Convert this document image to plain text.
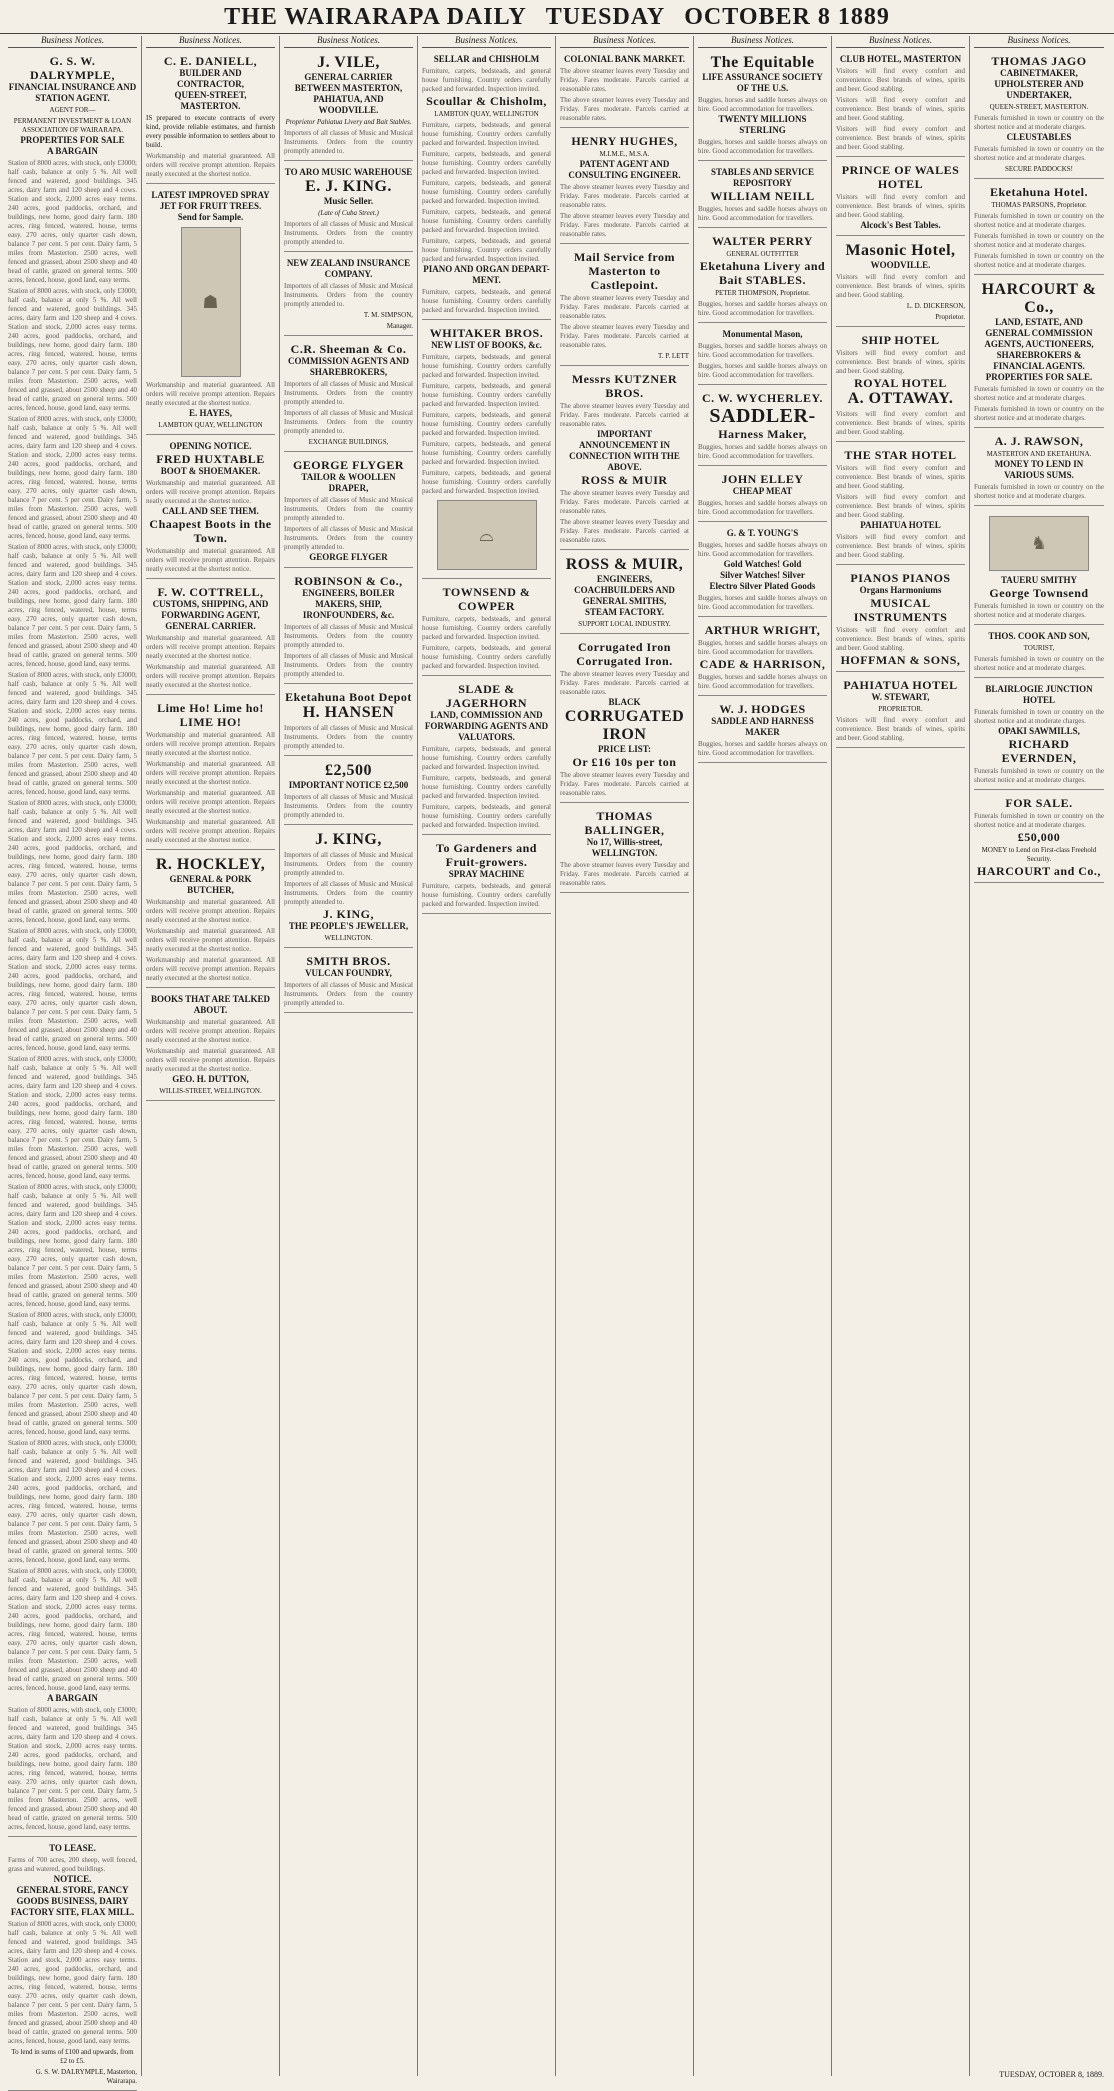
THE WAIRARAPA DAILY TUESDAY OCTOBER 8 1889
Business Notices.
G. S. W. DALRYMPLE,
FINANCIAL INSURANCE AND STATION AGENT.

AGENT FOR—

PERMANENT INVESTMENT & LOAN ASSOCIATION OF WAIRARAPA.

PROPERTIES FOR SALE
A BARGAIN

Station of 8000 acres, with stock, only £3000; half cash, balance at only 5 %. All well fenced and watered, good buildings. 345 acres, dairy farm and 120 sheep and 4 cows. Station and stock, 2,000 acres easy terms. 240 acres, good paddocks, orchard, and buildings, new home, good dairy farm. 180 acres, ring fenced, watered, house, terms easy. 270 acres, only quarter cash down, balance 7 per cent. 5 per cent. Dairy farm, 5 miles from Masterton. 2500 acres, well fenced and grassed, about 2500 sheep and 40 head of cattle, grazed on general terms. 500 acres, fenced, house, good land, easy terms.

Station of 8000 acres, with stock, only £3000; half cash, balance at only 5 %. All well fenced and watered, good buildings. 345 acres, dairy farm and 120 sheep and 4 cows. Station and stock, 2,000 acres easy terms. 240 acres, good paddocks, orchard, and buildings, new home, good dairy farm. 180 acres, ring fenced, watered, house, terms easy. 270 acres, only quarter cash down, balance 7 per cent. 5 per cent. Dairy farm, 5 miles from Masterton. 2500 acres, well fenced and grassed, about 2500 sheep and 40 head of cattle, grazed on general terms. 500 acres, fenced, house, good land, easy terms.

Station of 8000 acres, with stock, only £3000; half cash, balance at only 5 %. All well fenced and watered, good buildings. 345 acres, dairy farm and 120 sheep and 4 cows. Station and stock, 2,000 acres easy terms. 240 acres, good paddocks, orchard, and buildings, new home, good dairy farm. 180 acres, ring fenced, watered, house, terms easy. 270 acres, only quarter cash down, balance 7 per cent. 5 per cent. Dairy farm, 5 miles from Masterton. 2500 acres, well fenced and grassed, about 2500 sheep and 40 head of cattle, grazed on general terms. 500 acres, fenced, house, good land, easy terms.

Station of 8000 acres, with stock, only £3000; half cash, balance at only 5 %. All well fenced and watered, good buildings. 345 acres, dairy farm and 120 sheep and 4 cows. Station and stock, 2,000 acres easy terms. 240 acres, good paddocks, orchard, and buildings, new home, good dairy farm. 180 acres, ring fenced, watered, house, terms easy. 270 acres, only quarter cash down, balance 7 per cent. 5 per cent. Dairy farm, 5 miles from Masterton. 2500 acres, well fenced and grassed, about 2500 sheep and 40 head of cattle, grazed on general terms. 500 acres, fenced, house, good land, easy terms.

Station of 8000 acres, with stock, only £3000; half cash, balance at only 5 %. All well fenced and watered, good buildings. 345 acres, dairy farm and 120 sheep and 4 cows. Station and stock, 2,000 acres easy terms. 240 acres, good paddocks, orchard, and buildings, new home, good dairy farm. 180 acres, ring fenced, watered, house, terms easy. 270 acres, only quarter cash down, balance 7 per cent. 5 per cent. Dairy farm, 5 miles from Masterton. 2500 acres, well fenced and grassed, about 2500 sheep and 40 head of cattle, grazed on general terms. 500 acres, fenced, house, good land, easy terms.

Station of 8000 acres, with stock, only £3000; half cash, balance at only 5 %. All well fenced and watered, good buildings. 345 acres, dairy farm and 120 sheep and 4 cows. Station and stock, 2,000 acres easy terms. 240 acres, good paddocks, orchard, and buildings, new home, good dairy farm. 180 acres, ring fenced, watered, house, terms easy. 270 acres, only quarter cash down, balance 7 per cent. 5 per cent. Dairy farm, 5 miles from Masterton. 2500 acres, well fenced and grassed, about 2500 sheep and 40 head of cattle, grazed on general terms. 500 acres, fenced, house, good land, easy terms.

Station of 8000 acres, with stock, only £3000; half cash, balance at only 5 %. All well fenced and watered, good buildings. 345 acres, dairy farm and 120 sheep and 4 cows. Station and stock, 2,000 acres easy terms. 240 acres, good paddocks, orchard, and buildings, new home, good dairy farm. 180 acres, ring fenced, watered, house, terms easy. 270 acres, only quarter cash down, balance 7 per cent. 5 per cent. Dairy farm, 5 miles from Masterton. 2500 acres, well fenced and grassed, about 2500 sheep and 40 head of cattle, grazed on general terms. 500 acres, fenced, house, good land, easy terms.

Station of 8000 acres, with stock, only £3000; half cash, balance at only 5 %. All well fenced and watered, good buildings. 345 acres, dairy farm and 120 sheep and 4 cows. Station and stock, 2,000 acres easy terms. 240 acres, good paddocks, orchard, and buildings, new home, good dairy farm. 180 acres, ring fenced, watered, house, terms easy. 270 acres, only quarter cash down, balance 7 per cent. 5 per cent. Dairy farm, 5 miles from Masterton. 2500 acres, well fenced and grassed, about 2500 sheep and 40 head of cattle, grazed on general terms. 500 acres, fenced, house, good land, easy terms.

Station of 8000 acres, with stock, only £3000; half cash, balance at only 5 %. All well fenced and watered, good buildings. 345 acres, dairy farm and 120 sheep and 4 cows. Station and stock, 2,000 acres easy terms. 240 acres, good paddocks, orchard, and buildings, new home, good dairy farm. 180 acres, ring fenced, watered, house, terms easy. 270 acres, only quarter cash down, balance 7 per cent. 5 per cent. Dairy farm, 5 miles from Masterton. 2500 acres, well fenced and grassed, about 2500 sheep and 40 head of cattle, grazed on general terms. 500 acres, fenced, house, good land, easy terms.

Station of 8000 acres, with stock, only £3000; half cash, balance at only 5 %. All well fenced and watered, good buildings. 345 acres, dairy farm and 120 sheep and 4 cows. Station and stock, 2,000 acres easy terms. 240 acres, good paddocks, orchard, and buildings, new home, good dairy farm. 180 acres, ring fenced, watered, house, terms easy. 270 acres, only quarter cash down, balance 7 per cent. 5 per cent. Dairy farm, 5 miles from Masterton. 2500 acres, well fenced and grassed, about 2500 sheep and 40 head of cattle, grazed on general terms. 500 acres, fenced, house, good land, easy terms.

Station of 8000 acres, with stock, only £3000; half cash, balance at only 5 %. All well fenced and watered, good buildings. 345 acres, dairy farm and 120 sheep and 4 cows. Station and stock, 2,000 acres easy terms. 240 acres, good paddocks, orchard, and buildings, new home, good dairy farm. 180 acres, ring fenced, watered, house, terms easy. 270 acres, only quarter cash down, balance 7 per cent. 5 per cent. Dairy farm, 5 miles from Masterton. 2500 acres, well fenced and grassed, about 2500 sheep and 40 head of cattle, grazed on general terms. 500 acres, fenced, house, good land, easy terms.

Station of 8000 acres, with stock, only £3000; half cash, balance at only 5 %. All well fenced and watered, good buildings. 345 acres, dairy farm and 120 sheep and 4 cows. Station and stock, 2,000 acres easy terms. 240 acres, good paddocks, orchard, and buildings, new home, good dairy farm. 180 acres, ring fenced, watered, house, terms easy. 270 acres, only quarter cash down, balance 7 per cent. 5 per cent. Dairy farm, 5 miles from Masterton. 2500 acres, well fenced and grassed, about 2500 sheep and 40 head of cattle, grazed on general terms. 500 acres, fenced, house, good land, easy terms.

A BARGAIN

Station of 8000 acres, with stock, only £3000; half cash, balance at only 5 %. All well fenced and watered, good buildings. 345 acres, dairy farm and 120 sheep and 4 cows. Station and stock, 2,000 acres easy terms. 240 acres, good paddocks, orchard, and buildings, new home, good dairy farm. 180 acres, ring fenced, watered, house, terms easy. 270 acres, only quarter cash down, balance 7 per cent. 5 per cent. Dairy farm, 5 miles from Masterton. 2500 acres, well fenced and grassed, about 2500 sheep and 40 head of cattle, grazed on general terms. 500 acres, fenced, house, good land, easy terms.

TO LEASE.

Farms of 700 acres, 200 sheep, well fenced, grass and watered, good buildings.

NOTICE.
GENERAL STORE, FANCY GOODS BUSINESS, DAIRY FACTORY SITE, FLAX MILL.

Station of 8000 acres, with stock, only £3000; half cash, balance at only 5 %. All well fenced and watered, good buildings. 345 acres, dairy farm and 120 sheep and 4 cows. Station and stock, 2,000 acres easy terms. 240 acres, good paddocks, orchard, and buildings, new home, good dairy farm. 180 acres, ring fenced, watered, house, terms easy. 270 acres, only quarter cash down, balance 7 per cent. 5 per cent. Dairy farm, 5 miles from Masterton. 2500 acres, well fenced and grassed, about 2500 sheep and 40 head of cattle, grazed on general terms. 500 acres, fenced, house, good land, easy terms.

To lend in sums of £100 and upwards, from £2 to £5.

G. S. W. DALRYMPLE, Masterton, Wairarapa.

Business Notices.
C. E. DANIELL,
BUILDER AND CONTRACTOR,
QUEEN-STREET, MASTERTON.

IS prepared to execute contracts of every kind, provide reliable estimates, and furnish every possible information to settlers about to build.

Workmanship and material guaranteed. All orders will receive prompt attention. Repairs neatly executed at the shortest notice.

LATEST IMPROVED SPRAY JET FOR FRUIT TREES.
Send for Sample.
☗

Workmanship and material guaranteed. All orders will receive prompt attention. Repairs neatly executed at the shortest notice.

E. HAYES,

LAMBTON QUAY, WELLINGTON

OPENING NOTICE.
FRED HUXTABLE
BOOT & SHOEMAKER.

Workmanship and material guaranteed. All orders will receive prompt attention. Repairs neatly executed at the shortest notice.

CALL AND SEE THEM.
Chaapest Boots in the Town.

Workmanship and material guaranteed. All orders will receive prompt attention. Repairs neatly executed at the shortest notice.

F. W. COTTRELL,
CUSTOMS, SHIPPING, AND FORWARDING AGENT,
GENERAL CARRIER.

Workmanship and material guaranteed. All orders will receive prompt attention. Repairs neatly executed at the shortest notice.

Workmanship and material guaranteed. All orders will receive prompt attention. Repairs neatly executed at the shortest notice.

Lime Ho! Lime ho! LIME HO!

Workmanship and material guaranteed. All orders will receive prompt attention. Repairs neatly executed at the shortest notice.

Workmanship and material guaranteed. All orders will receive prompt attention. Repairs neatly executed at the shortest notice.

Workmanship and material guaranteed. All orders will receive prompt attention. Repairs neatly executed at the shortest notice.

Workmanship and material guaranteed. All orders will receive prompt attention. Repairs neatly executed at the shortest notice.

R. HOCKLEY,
GENERAL & PORK BUTCHER,

Workmanship and material guaranteed. All orders will receive prompt attention. Repairs neatly executed at the shortest notice.

Workmanship and material guaranteed. All orders will receive prompt attention. Repairs neatly executed at the shortest notice.

Workmanship and material guaranteed. All orders will receive prompt attention. Repairs neatly executed at the shortest notice.

BOOKS THAT ARE TALKED ABOUT.

Workmanship and material guaranteed. All orders will receive prompt attention. Repairs neatly executed at the shortest notice.

Workmanship and material guaranteed. All orders will receive prompt attention. Repairs neatly executed at the shortest notice.

GEO. H. DUTTON,

WILLIS-STREET, WELLINGTON.

Business Notices.
J. VILE,
GENERAL CARRIER BETWEEN MASTERTON, PAHIATUA, AND WOODVILLE.

Proprietor Pahiatua Livery and Bait Stables.

Importers of all classes of Music and Musical Instruments. Orders from the country promptly attended to.

TO ARO MUSIC WAREHOUSE
E. J. KING.
Music Seller.

(Late of Cuba Street.)

Importers of all classes of Music and Musical Instruments. Orders from the country promptly attended to.

NEW ZEALAND INSURANCE COMPANY.

Importers of all classes of Music and Musical Instruments. Orders from the country promptly attended to.

T. M. SIMPSON,

Manager.

C.R. Sheeman & Co.
COMMISSION AGENTS AND SHAREBROKERS,

Importers of all classes of Music and Musical Instruments. Orders from the country promptly attended to.

Importers of all classes of Music and Musical Instruments. Orders from the country promptly attended to.

EXCHANGE BUILDINGS,

GEORGE FLYGER
TAILOR & WOOLLEN DRAPER,

Importers of all classes of Music and Musical Instruments. Orders from the country promptly attended to.

Importers of all classes of Music and Musical Instruments. Orders from the country promptly attended to.

GEORGE FLYGER
ROBINSON & Co.,
ENGINEERS, BOILER MAKERS, SHIP, IRONFOUNDERS, &c.

Importers of all classes of Music and Musical Instruments. Orders from the country promptly attended to.

Importers of all classes of Music and Musical Instruments. Orders from the country promptly attended to.

Eketahuna Boot Depot
H. HANSEN

Importers of all classes of Music and Musical Instruments. Orders from the country promptly attended to.

£2,500
IMPORTANT NOTICE £2,500

Importers of all classes of Music and Musical Instruments. Orders from the country promptly attended to.

J. KING,

Importers of all classes of Music and Musical Instruments. Orders from the country promptly attended to.

Importers of all classes of Music and Musical Instruments. Orders from the country promptly attended to.

J. KING,
THE PEOPLE'S JEWELLER,

WELLINGTON.

SMITH BROS.
VULCAN FOUNDRY,

Importers of all classes of Music and Musical Instruments. Orders from the country promptly attended to.

Business Notices.
SELLAR and CHISHOLM

Furniture, carpets, bedsteads, and general house furnishing. Country orders carefully packed and forwarded. Inspection invited.

Scoullar & Chisholm,

LAMBTON QUAY, WELLINGTON

Furniture, carpets, bedsteads, and general house furnishing. Country orders carefully packed and forwarded. Inspection invited.

Furniture, carpets, bedsteads, and general house furnishing. Country orders carefully packed and forwarded. Inspection invited.

Furniture, carpets, bedsteads, and general house furnishing. Country orders carefully packed and forwarded. Inspection invited.

Furniture, carpets, bedsteads, and general house furnishing. Country orders carefully packed and forwarded. Inspection invited.

Furniture, carpets, bedsteads, and general house furnishing. Country orders carefully packed and forwarded. Inspection invited.

PIANO AND ORGAN DEPART-MENT.

Furniture, carpets, bedsteads, and general house furnishing. Country orders carefully packed and forwarded. Inspection invited.

WHITAKER BROS.
NEW LIST OF BOOKS, &c.

Furniture, carpets, bedsteads, and general house furnishing. Country orders carefully packed and forwarded. Inspection invited.

Furniture, carpets, bedsteads, and general house furnishing. Country orders carefully packed and forwarded. Inspection invited.

Furniture, carpets, bedsteads, and general house furnishing. Country orders carefully packed and forwarded. Inspection invited.

Furniture, carpets, bedsteads, and general house furnishing. Country orders carefully packed and forwarded. Inspection invited.

Furniture, carpets, bedsteads, and general house furnishing. Country orders carefully packed and forwarded. Inspection invited.

⌓
TOWNSEND & COWPER

Furniture, carpets, bedsteads, and general house furnishing. Country orders carefully packed and forwarded. Inspection invited.

Furniture, carpets, bedsteads, and general house furnishing. Country orders carefully packed and forwarded. Inspection invited.

SLADE & JAGERHORN
LAND, COMMISSION AND FORWARDING AGENTS AND VALUATORS.

Furniture, carpets, bedsteads, and general house furnishing. Country orders carefully packed and forwarded. Inspection invited.

Furniture, carpets, bedsteads, and general house furnishing. Country orders carefully packed and forwarded. Inspection invited.

Furniture, carpets, bedsteads, and general house furnishing. Country orders carefully packed and forwarded. Inspection invited.

To Gardeners and Fruit-growers.
SPRAY MACHINE

Furniture, carpets, bedsteads, and general house furnishing. Country orders carefully packed and forwarded. Inspection invited.

Business Notices.
COLONIAL BANK MARKET.

The above steamer leaves every Tuesday and Friday. Fares moderate. Parcels carried at reasonable rates.

The above steamer leaves every Tuesday and Friday. Fares moderate. Parcels carried at reasonable rates.

HENRY HUGHES,

M.I.M.E., M.S.A.

PATENT AGENT AND CONSULTING ENGINEER.

The above steamer leaves every Tuesday and Friday. Fares moderate. Parcels carried at reasonable rates.

The above steamer leaves every Tuesday and Friday. Fares moderate. Parcels carried at reasonable rates.

Mail Service from Masterton to Castlepoint.

The above steamer leaves every Tuesday and Friday. Fares moderate. Parcels carried at reasonable rates.

The above steamer leaves every Tuesday and Friday. Fares moderate. Parcels carried at reasonable rates.

T. P. LETT

Messrs KUTZNER BROS.

The above steamer leaves every Tuesday and Friday. Fares moderate. Parcels carried at reasonable rates.

IMPORTANT ANNOUNCEMENT IN CONNECTION WITH THE ABOVE.
ROSS & MUIR

The above steamer leaves every Tuesday and Friday. Fares moderate. Parcels carried at reasonable rates.

The above steamer leaves every Tuesday and Friday. Fares moderate. Parcels carried at reasonable rates.

ROSS & MUIR,
ENGINEERS, COACHBUILDERS AND GENERAL SMITHS,
STEAM FACTORY.

SUPPORT LOCAL INDUSTRY.

Corrugated Iron Corrugated Iron.

The above steamer leaves every Tuesday and Friday. Fares moderate. Parcels carried at reasonable rates.

BLACK
CORRUGATED IRON
PRICE LIST:
Or £16 10s per ton

The above steamer leaves every Tuesday and Friday. Fares moderate. Parcels carried at reasonable rates.

THOMAS BALLINGER,
No 17, Willis-street,
WELLINGTON.

The above steamer leaves every Tuesday and Friday. Fares moderate. Parcels carried at reasonable rates.

Business Notices.
The Equitable
LIFE ASSURANCE SOCIETY OF THE U.S.

Buggies, horses and saddle horses always on hire. Good accommodation for travellers.

TWENTY MILLIONS STERLING

Buggies, horses and saddle horses always on hire. Good accommodation for travellers.

STABLES AND SERVICE
REPOSITORY
WILLIAM NEILL

Buggies, horses and saddle horses always on hire. Good accommodation for travellers.

WALTER PERRY

GENERAL OUTFITTER

Eketahuna Livery and Bait STABLES.

PETER THOMPSON, Proprietor.

Buggies, horses and saddle horses always on hire. Good accommodation for travellers.

Monumental Mason,

Buggies, horses and saddle horses always on hire. Good accommodation for travellers.

Buggies, horses and saddle horses always on hire. Good accommodation for travellers.

C. W. WYCHERLEY.
SADDLER-
Harness Maker,

Buggies, horses and saddle horses always on hire. Good accommodation for travellers.

JOHN ELLEY
CHEAP MEAT

Buggies, horses and saddle horses always on hire. Good accommodation for travellers.

G. & T. YOUNG'S

Buggies, horses and saddle horses always on hire. Good accommodation for travellers.

Gold Watches! Gold
Silver Watches! Silver
Electro Silver Plated Goods

Buggies, horses and saddle horses always on hire. Good accommodation for travellers.

ARTHUR WRIGHT,

Buggies, horses and saddle horses always on hire. Good accommodation for travellers.

CADE & HARRISON,

Buggies, horses and saddle horses always on hire. Good accommodation for travellers.

W. J. HODGES
SADDLE AND HARNESS MAKER

Buggies, horses and saddle horses always on hire. Good accommodation for travellers.

Business Notices.
CLUB HOTEL, MASTERTON

Visitors will find every comfort and convenience. Best brands of wines, spirits and beer. Good stabling.

Visitors will find every comfort and convenience. Best brands of wines, spirits and beer. Good stabling.

Visitors will find every comfort and convenience. Best brands of wines, spirits and beer. Good stabling.

PRINCE OF WALES HOTEL

Visitors will find every comfort and convenience. Best brands of wines, spirits and beer. Good stabling.

Alcock's Best Tables.
Masonic Hotel,
WOODVILLE.

Visitors will find every comfort and convenience. Best brands of wines, spirits and beer. Good stabling.

L. D. DICKERSON,

Proprietor.

SHIP HOTEL

Visitors will find every comfort and convenience. Best brands of wines, spirits and beer. Good stabling.

ROYAL HOTEL
A. OTTAWAY.

Visitors will find every comfort and convenience. Best brands of wines, spirits and beer. Good stabling.

THE STAR HOTEL

Visitors will find every comfort and convenience. Best brands of wines, spirits and beer. Good stabling.

Visitors will find every comfort and convenience. Best brands of wines, spirits and beer. Good stabling.

PAHIATUA HOTEL

Visitors will find every comfort and convenience. Best brands of wines, spirits and beer. Good stabling.

PIANOS PIANOS
Organs Harmoniums
MUSICAL INSTRUMENTS

Visitors will find every comfort and convenience. Best brands of wines, spirits and beer. Good stabling.

HOFFMAN & SONS,
PAHIATUA HOTEL
W. STEWART,

PROPRIETOR.

Visitors will find every comfort and convenience. Best brands of wines, spirits and beer. Good stabling.

Business Notices.
THOMAS JAGO
CABINETMAKER, UPHOLSTERER AND UNDERTAKER,

QUEEN-STREET, MASTERTON.

Funerals furnished in town or country on the shortest notice and at moderate charges.

CLEUSTABLES

Funerals furnished in town or country on the shortest notice and at moderate charges.

SECURE PADDOCKS!

Eketahuna Hotel.

THOMAS PARSONS, Proprietor.

Funerals furnished in town or country on the shortest notice and at moderate charges.

Funerals furnished in town or country on the shortest notice and at moderate charges.

Funerals furnished in town or country on the shortest notice and at moderate charges.

HARCOURT & Co.,
LAND, ESTATE, AND GENERAL COMMISSION AGENTS, AUCTIONEERS, SHAREBROKERS & FINANCIAL AGENTS.
PROPERTIES FOR SALE.

Funerals furnished in town or country on the shortest notice and at moderate charges.

Funerals furnished in town or country on the shortest notice and at moderate charges.

A. J. RAWSON,

MASTERTON AND EKETAHUNA.

MONEY TO LEND IN VARIOUS SUMS.

Funerals furnished in town or country on the shortest notice and at moderate charges.

♞
TAUERU SMITHY
George Townsend

Funerals furnished in town or country on the shortest notice and at moderate charges.

THOS. COOK AND SON,

TOURIST,

Funerals furnished in town or country on the shortest notice and at moderate charges.

BLAIRLOGIE JUNCTION HOTEL

Funerals furnished in town or country on the shortest notice and at moderate charges.

OPAKI SAWMILLS,
RICHARD EVERNDEN,

Funerals furnished in town or country on the shortest notice and at moderate charges.

FOR SALE.

Funerals furnished in town or country on the shortest notice and at moderate charges.

£50,000

MONEY to Lend on First-class Freehold Security.

HARCOURT and Co.,
TUESDAY, OCTOBER 8, 1889.
